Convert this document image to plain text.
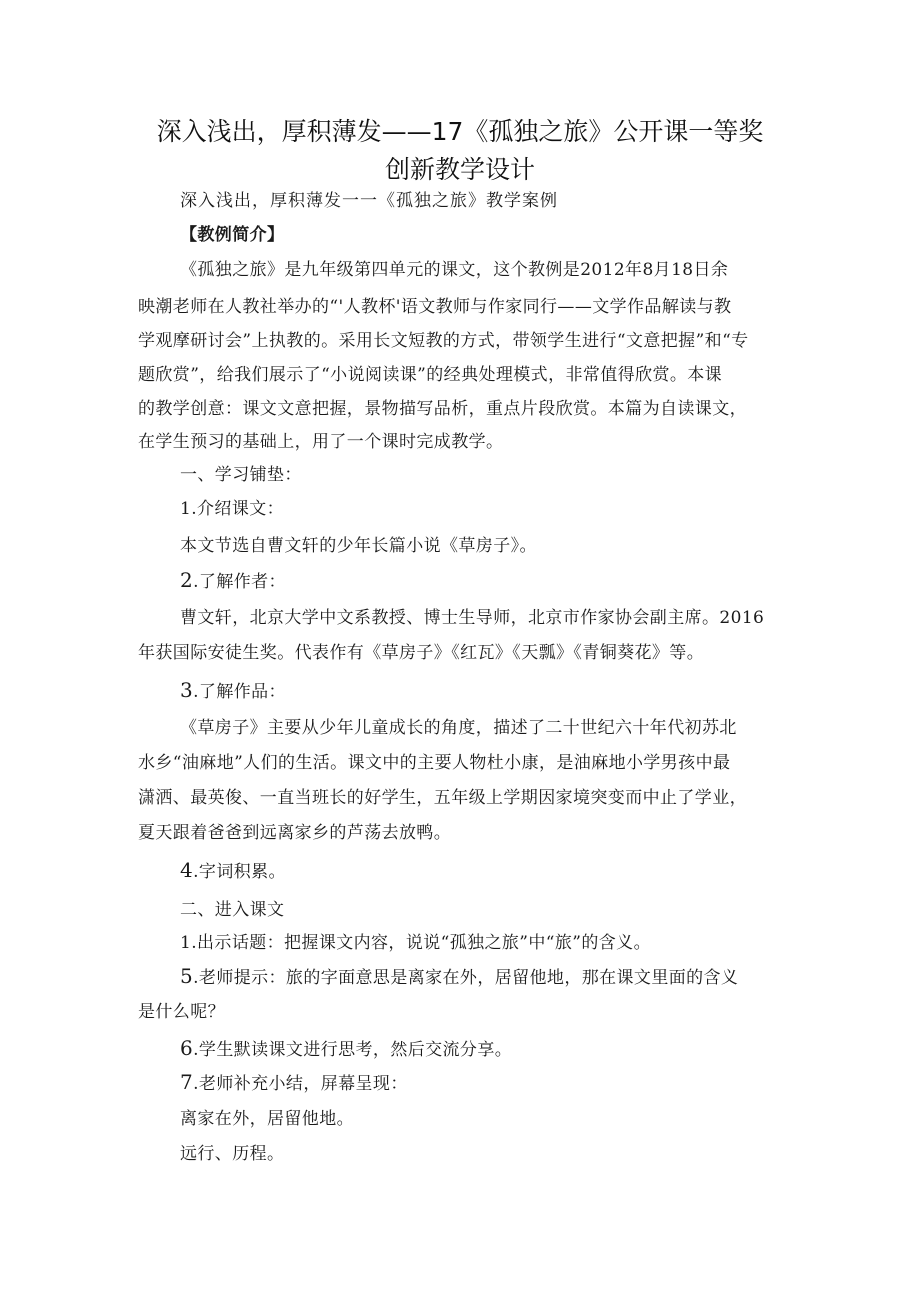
深入浅出，厚积薄发——17《孤独之旅》公开课一等奖
创新教学设计
深入浅出，厚积薄发一一《孤独之旅》教学案例
【教例简介】
《孤独之旅》是九年级第四单元的课文，这个教例是2012年8月18日余
映潮老师在人教社举办的“'人教杯'语文教师与作家同行——文学作品解读与教
学观摩研讨会”上执教的。采用长文短教的方式，带领学生进行“文意把握”和“专
题欣赏”，给我们展示了“小说阅读课”的经典处理模式，非常值得欣赏。本课
的教学创意：课文文意把握，景物描写品析，重点片段欣赏。本篇为自读课文，
在学生预习的基础上，用了一个课时完成教学。
一、学习铺垫：
1.介绍课文：
本文节选自曹文轩的少年长篇小说《草房子》。
2.了解作者：
曹文轩，北京大学中文系教授、博士生导师，北京市作家协会副主席。2016
年获国际安徒生奖。代表作有《草房子》《红瓦》《天瓢》《青铜葵花》等。
3.了解作品：
《草房子》主要从少年儿童成长的角度，描述了二十世纪六十年代初苏北
水乡“油麻地”人们的生活。课文中的主要人物杜小康，是油麻地小学男孩中最
潇洒、最英俊、一直当班长的好学生，五年级上学期因家境突变而中止了学业，
夏天跟着爸爸到远离家乡的芦荡去放鸭。
4.字词积累。
二、进入课文
1.出示话题：把握课文内容，说说“孤独之旅”中“旅”的含义。
5.老师提示：旅的字面意思是离家在外，居留他地，那在课文里面的含义
是什么呢？
6.学生默读课文进行思考，然后交流分享。
7.老师补充小结，屏幕呈现：
离家在外，居留他地。
远行、历程。
